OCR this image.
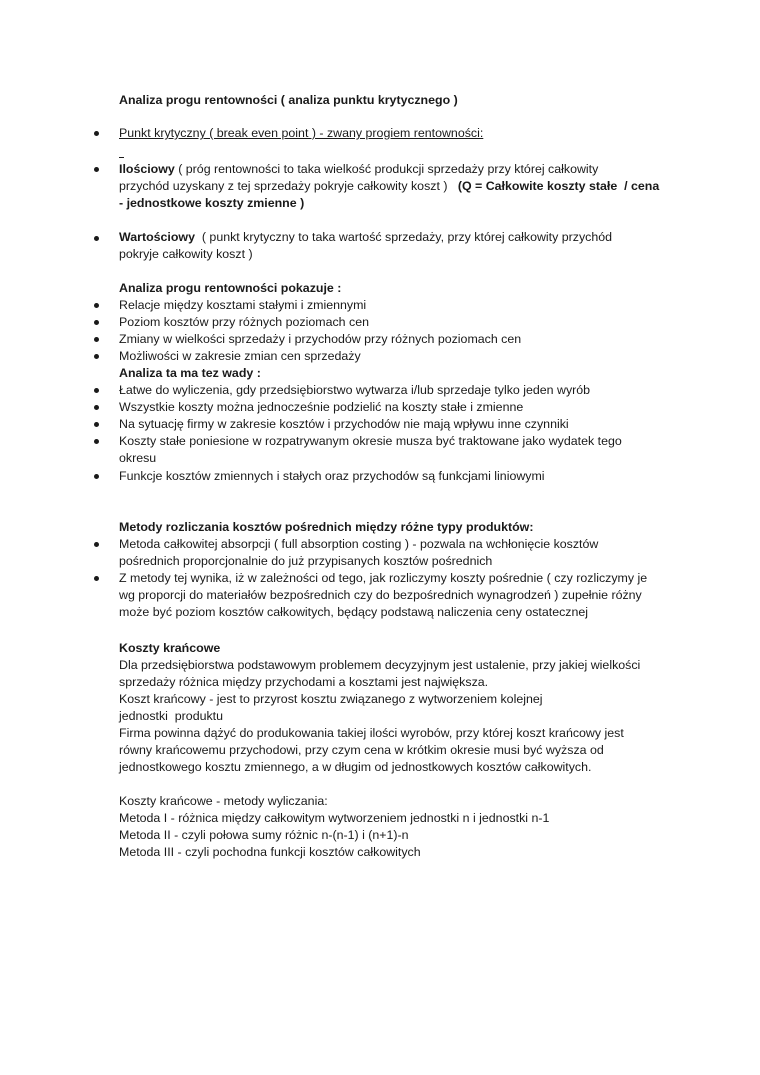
Analiza progu rentowności ( analiza punktu krytycznego )

Punkt krytyczny ( break even point ) - zwany progiem rentowności:

Ilościowy ( próg rentowności to taka wielkość produkcji sprzedaży przy której całkowity

przychód uzyskany z tej sprzedaży pokryje całkowity koszt )   (Q = Całkowite koszty stałe  / cena

- jednostkowe koszty zmienne )

Wartościowy  ( punkt krytyczny to taka wartość sprzedaży, przy której całkowity przychód

pokryje całkowity koszt )

Analiza progu rentowności pokazuje :

Relacje między kosztami stałymi i zmiennymi

Poziom kosztów przy różnych poziomach cen

Zmiany w wielkości sprzedaży i przychodów przy różnych poziomach cen

Możliwości w zakresie zmian cen sprzedaży

Analiza ta ma tez wady :

Łatwe do wyliczenia, gdy przedsiębiorstwo wytwarza i/lub sprzedaje tylko jeden wyrób

Wszystkie koszty można jednocześnie podzielić na koszty stałe i zmienne

Na sytuację firmy w zakresie kosztów i przychodów nie mają wpływu inne czynniki

Koszty stałe poniesione w rozpatrywanym okresie musza być traktowane jako wydatek tego

okresu

Funkcje kosztów zmiennych i stałych oraz przychodów są funkcjami liniowymi

Metody rozliczania kosztów pośrednich między różne typy produktów:

Metoda całkowitej absorpcji ( full absorption costing ) - pozwala na wchłonięcie kosztów

pośrednich proporcjonalnie do już przypisanych kosztów pośrednich

Z metody tej wynika, iż w zależności od tego, jak rozliczymy koszty pośrednie ( czy rozliczymy je

wg proporcji do materiałów bezpośrednich czy do bezpośrednich wynagrodzeń ) zupełnie różny

może być poziom kosztów całkowitych, będący podstawą naliczenia ceny ostatecznej

Koszty krańcowe

Dla przedsiębiorstwa podstawowym problemem decyzyjnym jest ustalenie, przy jakiej wielkości

sprzedaży różnica między przychodami a kosztami jest największa.

Koszt krańcowy - jest to przyrost kosztu związanego z wytworzeniem kolejnej

jednostki  produktu

Firma powinna dążyć do produkowania takiej ilości wyrobów, przy której koszt krańcowy jest

równy krańcowemu przychodowi, przy czym cena w krótkim okresie musi być wyższa od

jednostkowego kosztu zmiennego, a w długim od jednostkowych kosztów całkowitych.

Koszty krańcowe - metody wyliczania:

Metoda I - różnica między całkowitym wytworzeniem jednostki n i jednostki n-1

Metoda II - czyli połowa sumy różnic n-(n-1) i (n+1)-n

Metoda III - czyli pochodna funkcji kosztów całkowitych
